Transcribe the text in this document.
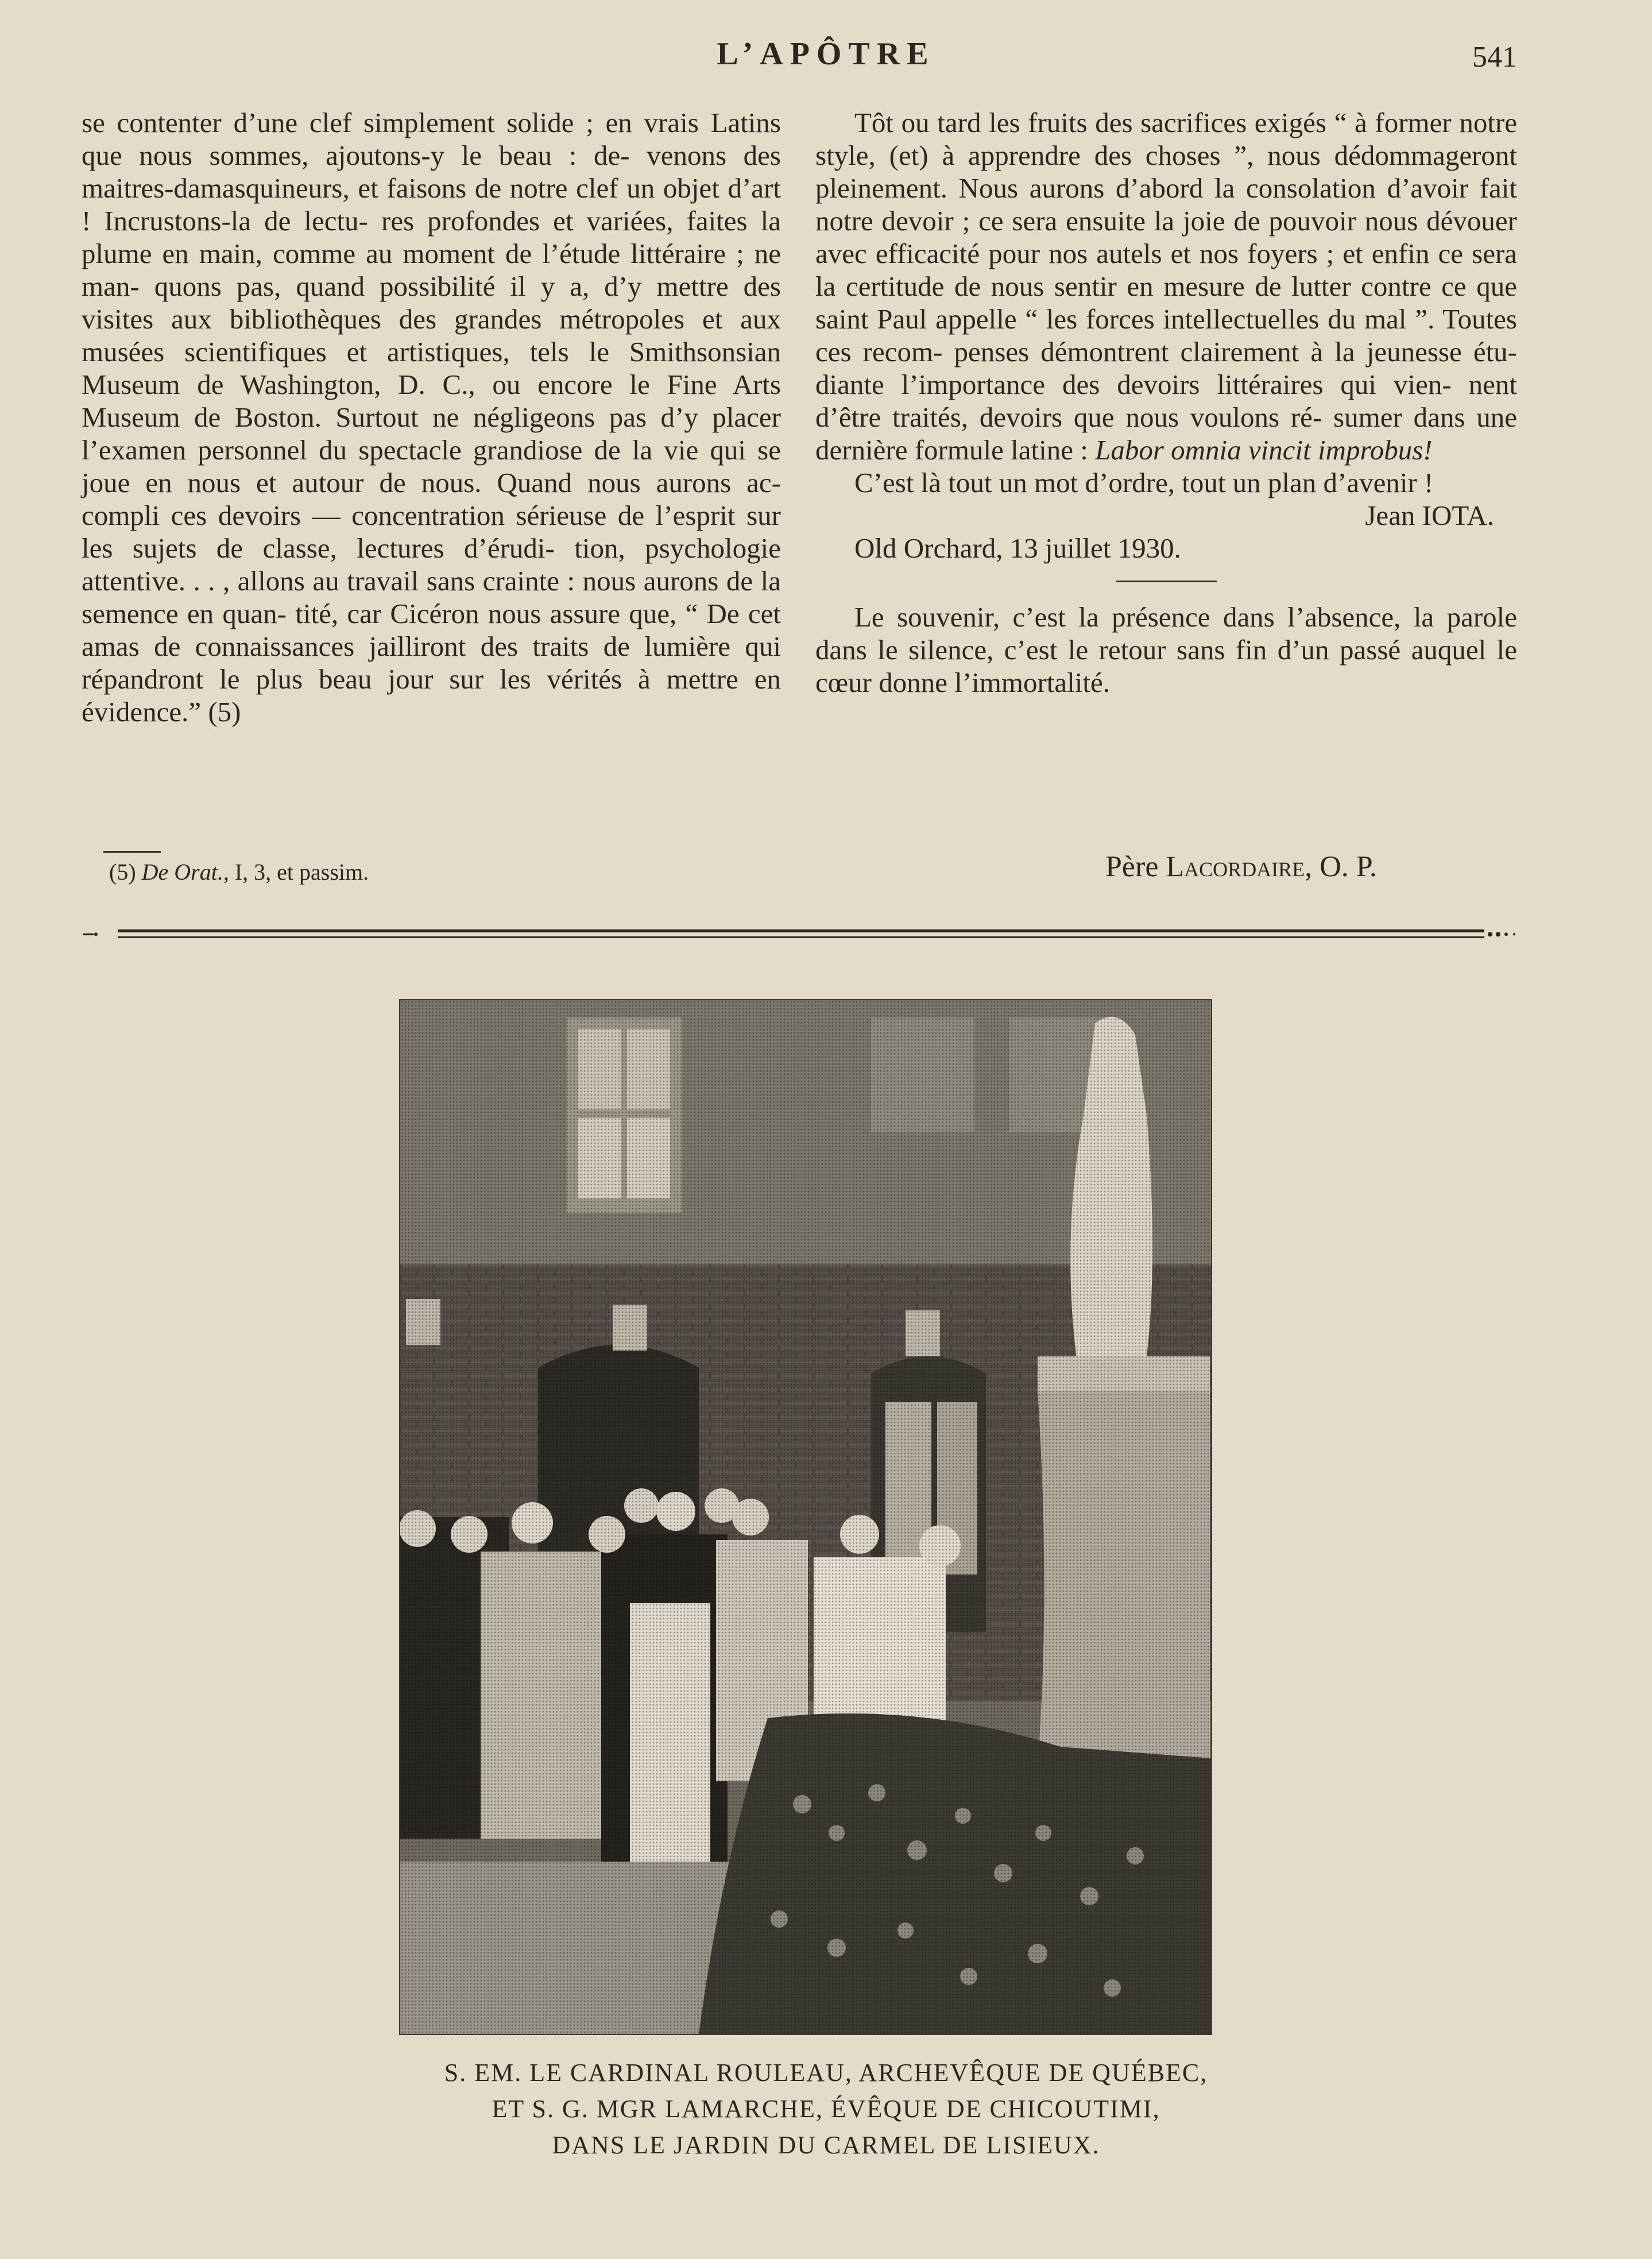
L’APÔTRE	541

se contenter d’une clef simplement solide ; en vrais Latins que nous sommes, ajoutons-y le beau : de- venons des maitres-damasquineurs, et faisons de notre clef un objet d’art ! Incrustons-la de lectu- res profondes et variées, faites la plume en main, comme au moment de l’étude littéraire ; ne man- quons pas, quand possibilité il y a, d’y mettre des visites aux bibliothèques des grandes métropoles et aux musées scientifiques et artistiques, tels le Smithsonsian Museum de Washington, D. C., ou encore le Fine Arts Museum de Boston. Surtout ne négligeons pas d’y placer l’examen personnel du spectacle grandiose de la vie qui se joue en nous et autour de nous. Quand nous aurons ac- compli ces devoirs — concentration sérieuse de l’esprit sur les sujets de classe, lectures d’érudi- tion, psychologie attentive. . . , allons au travail sans crainte : nous aurons de la semence en quan- tité, car Cicéron nous assure que, “ De cet amas de connaissances jailliront des traits de lumière qui répandront le plus beau jour sur les vérités à mettre en évidence.” (5)

(5) De Orat., I, 3, et passim.

Tôt ou tard les fruits des sacrifices exigés “ à former notre style, (et) à apprendre des choses ”, nous dédommageront pleinement. Nous aurons d’abord la consolation d’avoir fait notre devoir ; ce sera ensuite la joie de pouvoir nous dévouer avec efficacité pour nos autels et nos foyers ; et enfin ce sera la certitude de nous sentir en mesure de lutter contre ce que saint Paul appelle “ les forces intellectuelles du mal ”. Toutes ces recom- penses démontrent clairement à la jeunesse étu- diante l’importance des devoirs littéraires qui vien- nent d’être traités, devoirs que nous voulons ré- sumer dans une dernière formule latine : Labor omnia vincit improbus!

C’est là tout un mot d’ordre, tout un plan d’avenir !

Jean IOTA.

Old Orchard, 13 juillet 1930.

Le souvenir, c’est la présence dans l’absence, la parole dans le silence, c’est le retour sans fin d’un passé auquel le cœur donne l’immortalité.

Père Lacordaire, O. P.
S. EM. LE CARDINAL ROULEAU, ARCHEVÊQUE DE QUÉBEC,
ET S. G. MGR LAMARCHE, ÉVÊQUE DE CHICOUTIMI,
DANS LE JARDIN DU CARMEL DE LISIEUX.
